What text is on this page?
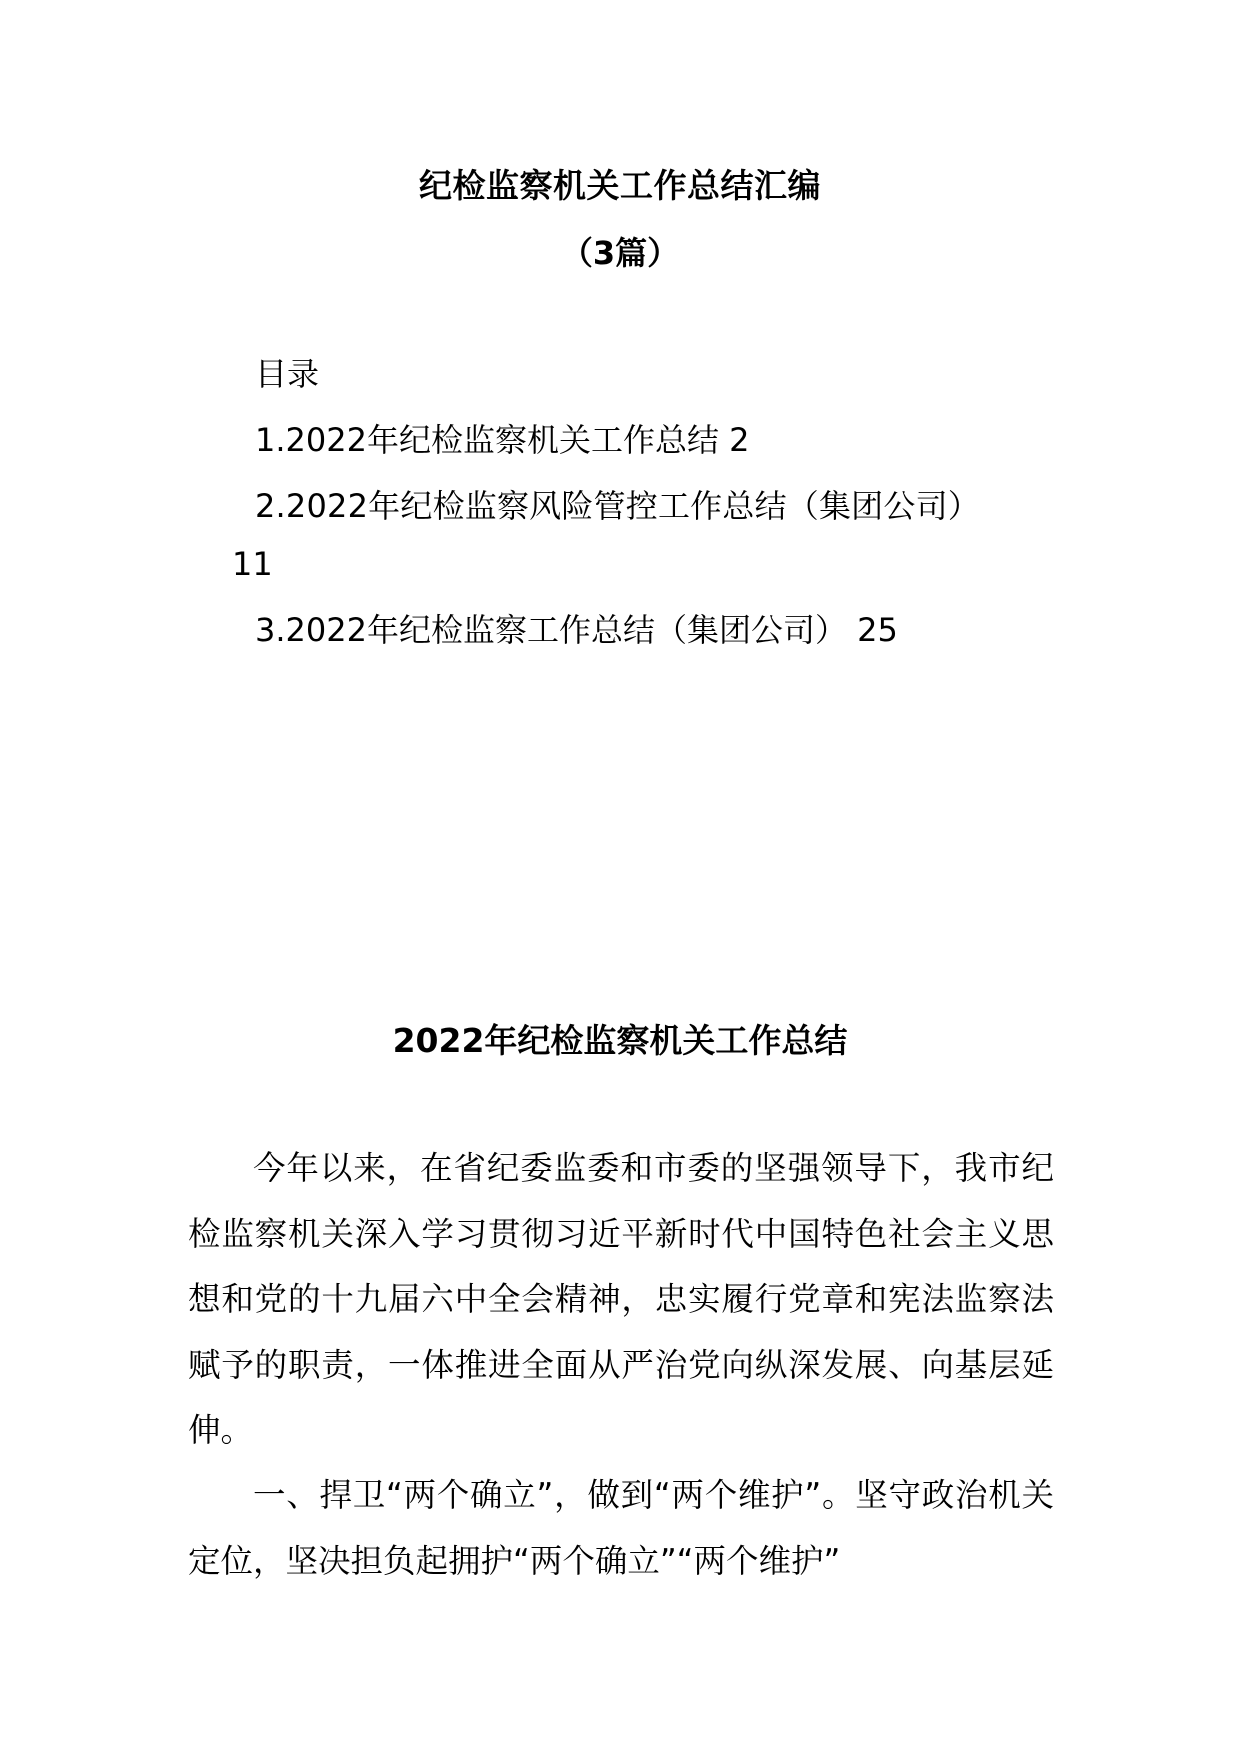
纪检监察机关工作总结汇编
（3篇）
目录
1.2022年纪检监察机关工作总结 2
2.2022年纪检监察风险管控工作总结（集团公司）
11
3.2022年纪检监察工作总结（集团公司） 25
2022年纪检监察机关工作总结

今年以来，在省纪委监委和市委的坚强领导下，我市纪检监察机关深入学习贯彻习近平新时代中国特色社会主义思想和党的十九届六中全会精神，忠实履行党章和宪法监察法赋予的职责，一体推进全面从严治党向纵深发展、向基层延伸。

一、捍卫“两个确立”，做到“两个维护”。坚守政治机关定位，坚决担负起拥护“两个确立”“两个维护”
